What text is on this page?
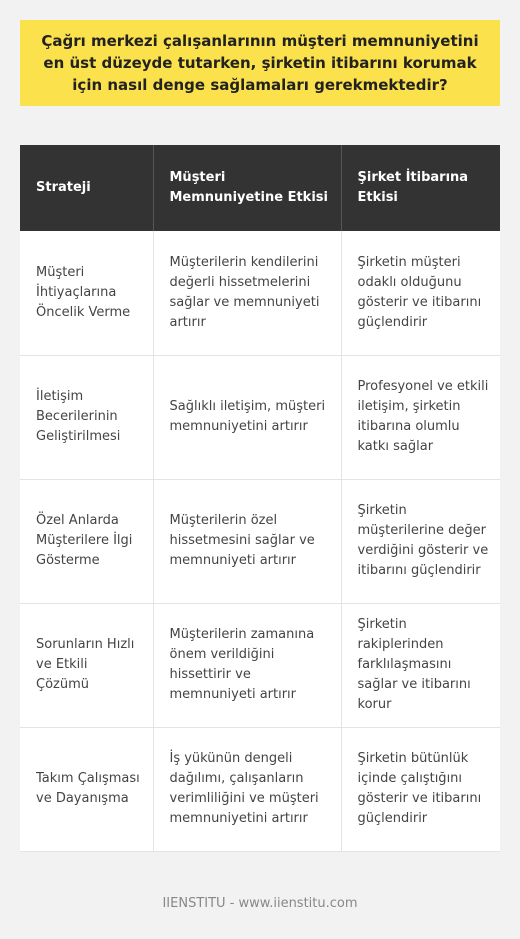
Çağrı merkezi çalışanlarının müşteri memnuniyetini en üst düzeyde tutarken, şirketin itibarını korumak için nasıl denge sağlamaları gerekmektedir?
Strateji	Müşteri Memnuniyetine Etkisi	Şirket İtibarına Etkisi
Müşteri İhtiyaçlarına Öncelik Verme	Müşterilerin kendilerini değerli hissetmelerini sağlar ve memnuniyeti artırır	Şirketin müşteri odaklı olduğunu gösterir ve itibarını güçlendirir
İletişim Becerilerinin Geliştirilmesi	Sağlıklı iletişim, müşteri memnuniyetini artırır	Profesyonel ve etkili iletişim, şirketin itibarına olumlu katkı sağlar
Özel Anlarda Müşterilere İlgi Gösterme	Müşterilerin özel hissetmesini sağlar ve memnuniyeti artırır	Şirketin müşterilerine değer verdiğini gösterir ve itibarını güçlendirir
Sorunların Hızlı ve Etkili Çözümü	Müşterilerin zamanına önem verildiğini hissettirir ve memnuniyeti artırır	Şirketin rakiplerinden farklılaşmasını sağlar ve itibarını korur
Takım Çalışması ve Dayanışma	İş yükünün dengeli dağılımı, çalışanların verimliliğini ve müşteri memnuniyetini artırır	Şirketin bütünlük içinde çalıştığını gösterir ve itibarını güçlendirir
IIENSTITU - www.iienstitu.com
